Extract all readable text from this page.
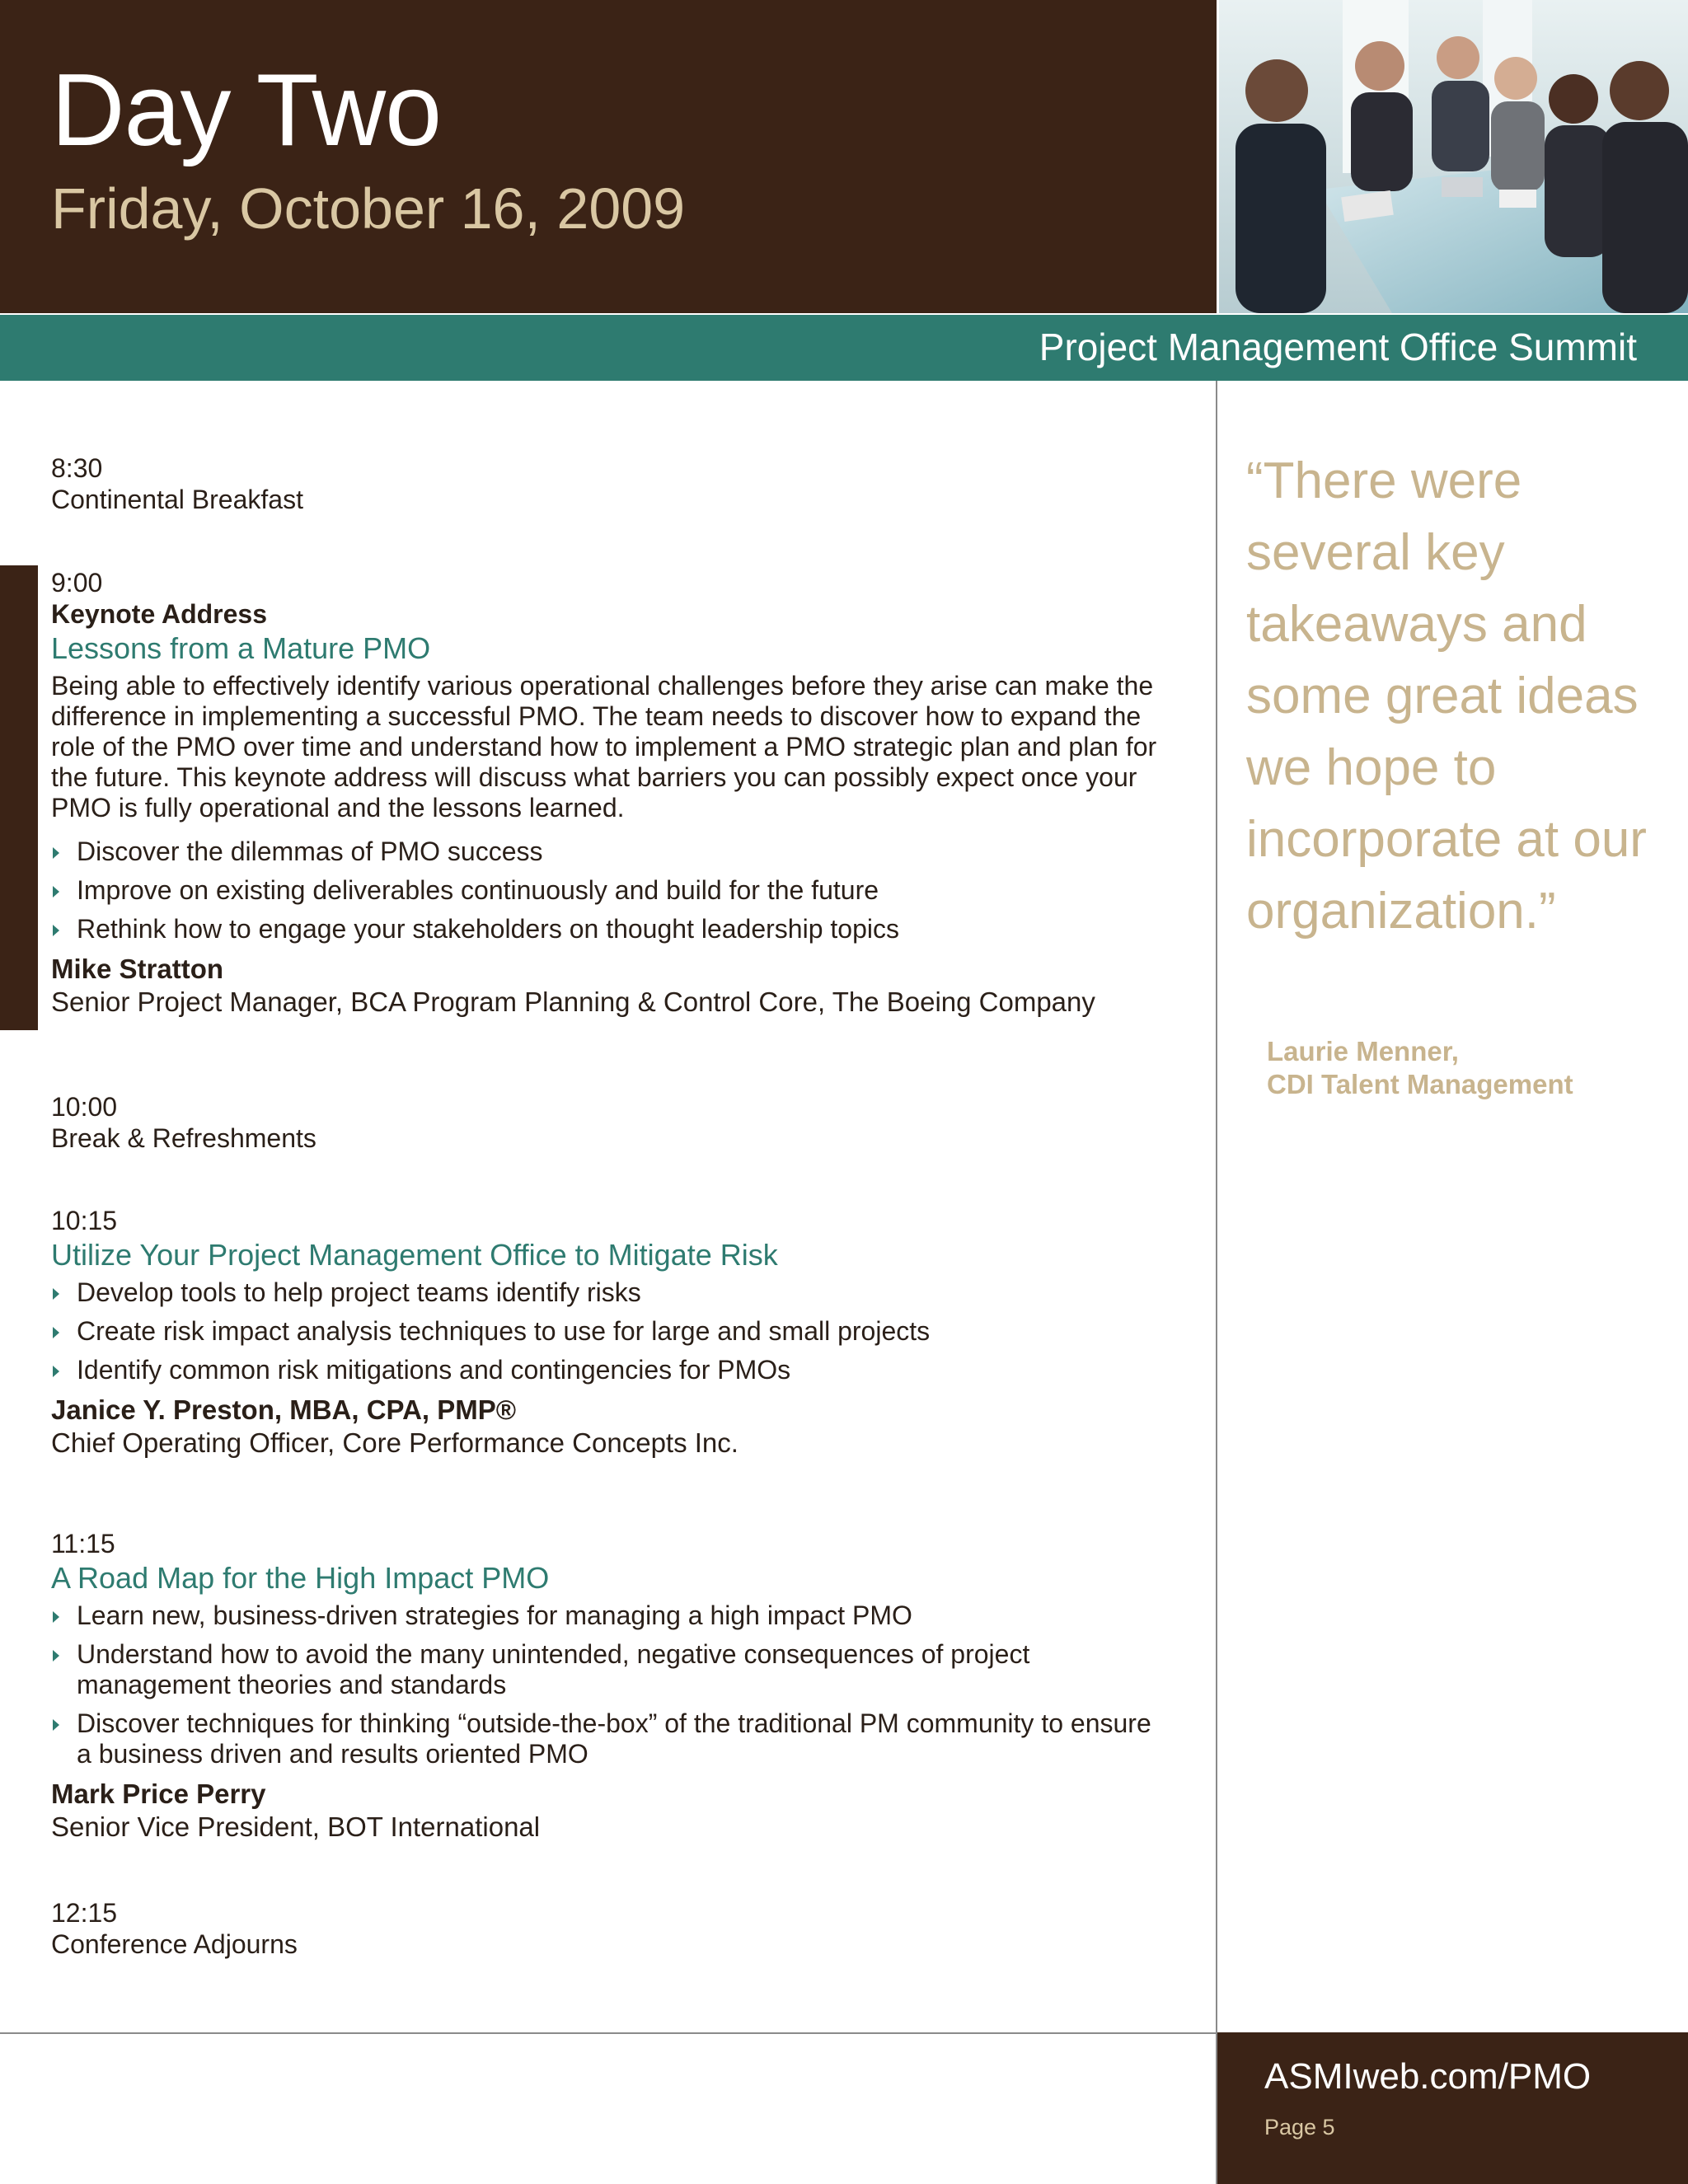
Day Two
Friday, October 16, 2009
Project Management Office Summit
8:30
Continental Breakfast
9:00
Keynote Address
Lessons from a Mature PMO
Being able to effectively identify various operational challenges before they arise can make the difference in implementing a successful PMO. The team needs to discover how to expand the role of the PMO over time and understand how to implement a PMO strategic plan and plan for the future. This keynote address will discuss what barriers you can possibly expect once your PMO is fully operational and the lessons learned.
Discover the dilemmas of PMO success
Improve on existing deliverables continuously and build for the future
Rethink how to engage your stakeholders on thought leadership topics
Mike Stratton
Senior Project Manager, BCA Program Planning & Control Core, The Boeing Company
10:00
Break & Refreshments
10:15
Utilize Your Project Management Office to Mitigate Risk
Develop tools to help project teams identify risks
Create risk impact analysis techniques to use for large and small projects
Identify common risk mitigations and contingencies for PMOs
Janice Y. Preston, MBA, CPA, PMP®
Chief Operating Officer, Core Performance Concepts Inc.
11:15
A Road Map for the High Impact PMO
Learn new, business-driven strategies for managing a high impact PMO
Understand how to avoid the many unintended, negative consequences of project management theories and standards
Discover techniques for thinking “outside-the-box” of the traditional PM community to ensure a business driven and results oriented PMO
Mark Price Perry
Senior Vice President, BOT International
12:15
Conference Adjourns
“There were several key takeaways and some great ideas we hope to incorporate at our organization.”
Laurie Menner,
CDI Talent Management
ASMIweb.com/PMO
Page 5
